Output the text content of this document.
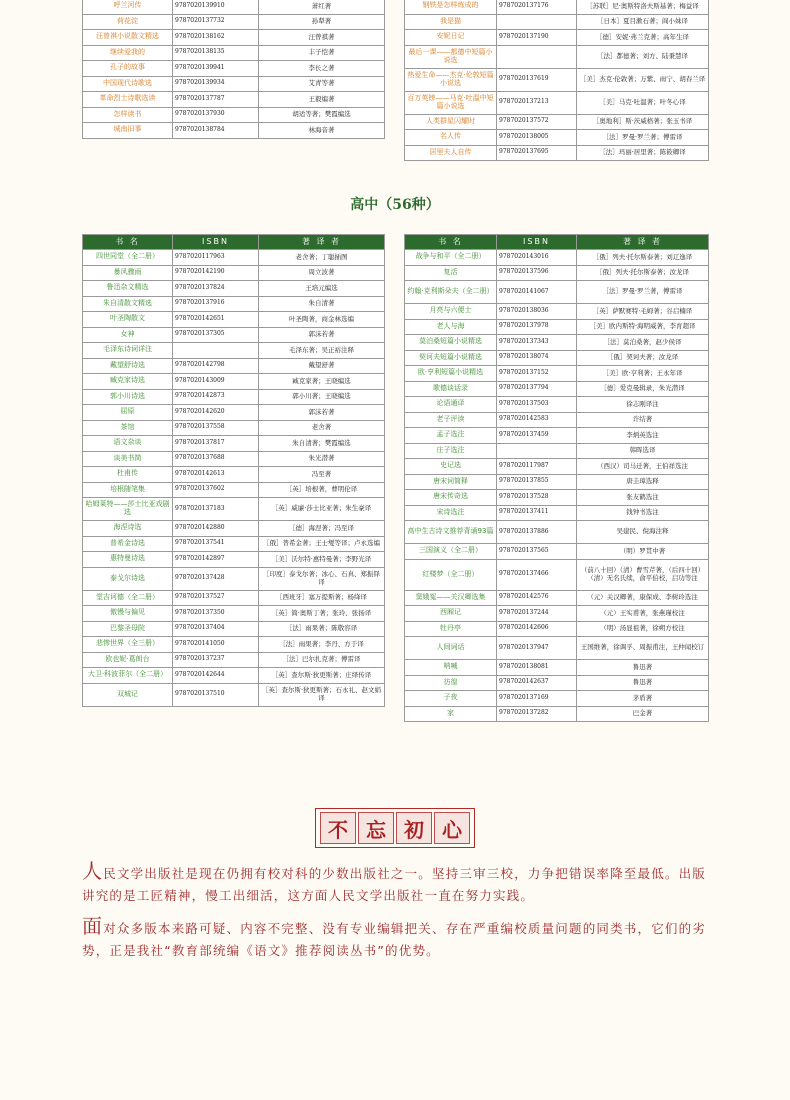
呼兰河传	9787020139910	萧红著
荷花淀	9787020137732	孙犁著
汪曾祺小说散文精选	9787020138162	汪曾祺著
继续爱我的	9787020138135	丰子恺著
孔子的故事	9787020139941	李长之著
中国现代诗歌选	9787020139934	艾青等著
革命烈士诗歌选读	9787020137787	王毅编著
怎样读书	9787020137930	胡适等著；樊霞编选
城南旧事	9787020138784	林海音著
钢铁是怎样炼成的	9787020137176	［苏联］尼·奥斯特洛夫斯基著；梅益译
我是猫		［日本］夏目漱石著；阎小妹译
安妮日记	9787020137190	［德］安妮·弗兰克著；高年生译
最后一课——都德中短篇小说选		［法］都德著；刘方、陆秉慧译
热爱生命——杰克·伦敦短篇小说选	9787020137619	［美］杰克·伦敦著；万紫、雨宁、胡春兰译
百万英镑——马克·吐温中短篇小说选	9787020137213	［美］马克·吐温著；叶冬心译
人类群星闪耀时	9787020137572	［奥地利］斯·茨威格著；张玉书译
名人传	9787020138005	［法］罗曼·罗兰著；傅雷译
居里夫人自传	9787020137695	［法］玛丽·居里著；陈筱卿译
高中（56种）
书 名	ISBN	著 译 者
四世同堂（全二册）	9787020117963	老舍著；丁聪插图
暴风骤雨	9787020142190	周立波著
鲁迅杂文精选	9787020137824	王培元编选
朱自清散文精选	9787020137916	朱自清著
叶圣陶散文	9787020142651	叶圣陶著，商金林选编
女神	9787020137305	郭沫若著
毛泽东诗词详注		毛泽东著；吴正裕注释
戴望舒诗选	9787020142798	戴望舒著
臧克家诗选	9787020143009	臧克家著；王晓编选
郭小川诗选	9787020142873	郭小川著；王晓编选
屈原	9787020142620	郭沫若著
茶馆	9787020137558	老舍著
语文杂谈	9787020137817	朱自清著；樊霞编选
谈美书简	9787020137688	朱光潜著
杜甫传	9787020142613	冯至著
培根随笔集	9787020137602	［英］培根著，曹明伦译
哈姆莱特——莎士比亚戏剧选	9787020137183	［英］威廉·莎士比亚著；朱生豪译
海涅诗选	9787020142880	［德］海涅著；冯至译
普希金诗选	9787020137541	［俄］普希金著；王士燮等译；卢永选编
惠特曼诗选	9787020142897	［美］沃尔特·惠特曼著；李野光译
泰戈尔诗选	9787020137428	［印度］泰戈尔著；冰心、石真、郑振铎译
堂吉诃德（全二册）	9787020137527	［西班牙］塞万提斯著；杨绛译
傲慢与偏见	9787020137350	［英］简·奥斯丁著；张玲、张扬译
巴黎圣母院	9787020137404	［法］雨果著；陈敬容译
悲惨世界（全三册）	9787020141050	［法］雨果著；李丹、方于译
欧也妮·葛朗台	9787020137237	［法］巴尔扎克著；傅雷译
大卫·科波菲尔（全二册）	9787020142644	［英］查尔斯·狄更斯著；庄绎传译
双城记	9787020137510	［英］查尔斯·狄更斯著；石永礼、赵文娟译
书 名	ISBN	著 译 者
战争与和平（全二册）	9787020143016	［俄］列夫·托尔斯泰著；刘辽逸译
复活	9787020137596	［俄］列夫·托尔斯泰著；汝龙译
约翰·克利斯朵夫（全二册）	9787020141067	［法］罗曼·罗兰著，傅雷译
月亮与六便士	9787020138036	［英］萨默赛特·毛姆著；谷启楠译
老人与海	9787020137978	［美］欧内斯特·海明威著，李育超译
莫泊桑短篇小说精选	9787020137343	［法］莫泊桑著，赵少侯译
契诃夫短篇小说精选	9787020138074	［俄］契诃夫著；汝龙译
欧·亨利短篇小说精选	9787020137152	［美］欧·亨利著；王永年译
歌德谈话录	9787020137794	［德］爱克曼辑录，朱光潜译
论语通译	9787020137503	徐志刚译注
老子评读	9787020142583	许结著
孟子选注	9787020137459	李炳英选注
庄子选注		韩晖选译
史记选	9787020117987	（西汉）司马迁著，王伯祥选注
唐宋词简释	9787020137855	唐圭璋选释
唐宋传奇选	9787020137528	张友鹤选注
宋诗选注	9787020137411	钱钟书选注
高中生古诗文推荐背诵93篇	9787020137886	吴建民、倪海注释
三国演义（全二册）	9787020137565	（明）罗贯中著
红楼梦（全二册）	9787020137466	（前八十回）（清）曹雪芹著，（后四十回）（清）无名氏续，俞平伯校，启功等注
窦娥冤——关汉卿选集	9787020142576	（元）关汉卿著，康保成、李树玲选注
西厢记	9787020137244	（元）王实甫著，张燕瑾校注
牡丹亭	9787020142606	（明）汤显祖著，徐朔方校注
人间词话	9787020137947	王国维著，徐调孚、周振甫注，王仲闻校订
呐喊	9787020138081	鲁迅著
彷徨	9787020142637	鲁迅著
子夜	9787020137169	茅盾著
家	9787020137282	巴金著
不 忘 初 心
人民文学出版社是现在仍拥有校对科的少数出版社之一。坚持三审三校，力争把错误率降至最低。出版讲究的是工匠精神，慢工出细活，这方面人民文学出版社一直在努力实践。
面对众多版本来路可疑、内容不完整、没有专业编辑把关、存在严重编校质量问题的同类书，它们的劣势，正是我社“教育部统编《语文》推荐阅读丛书”的优势。
